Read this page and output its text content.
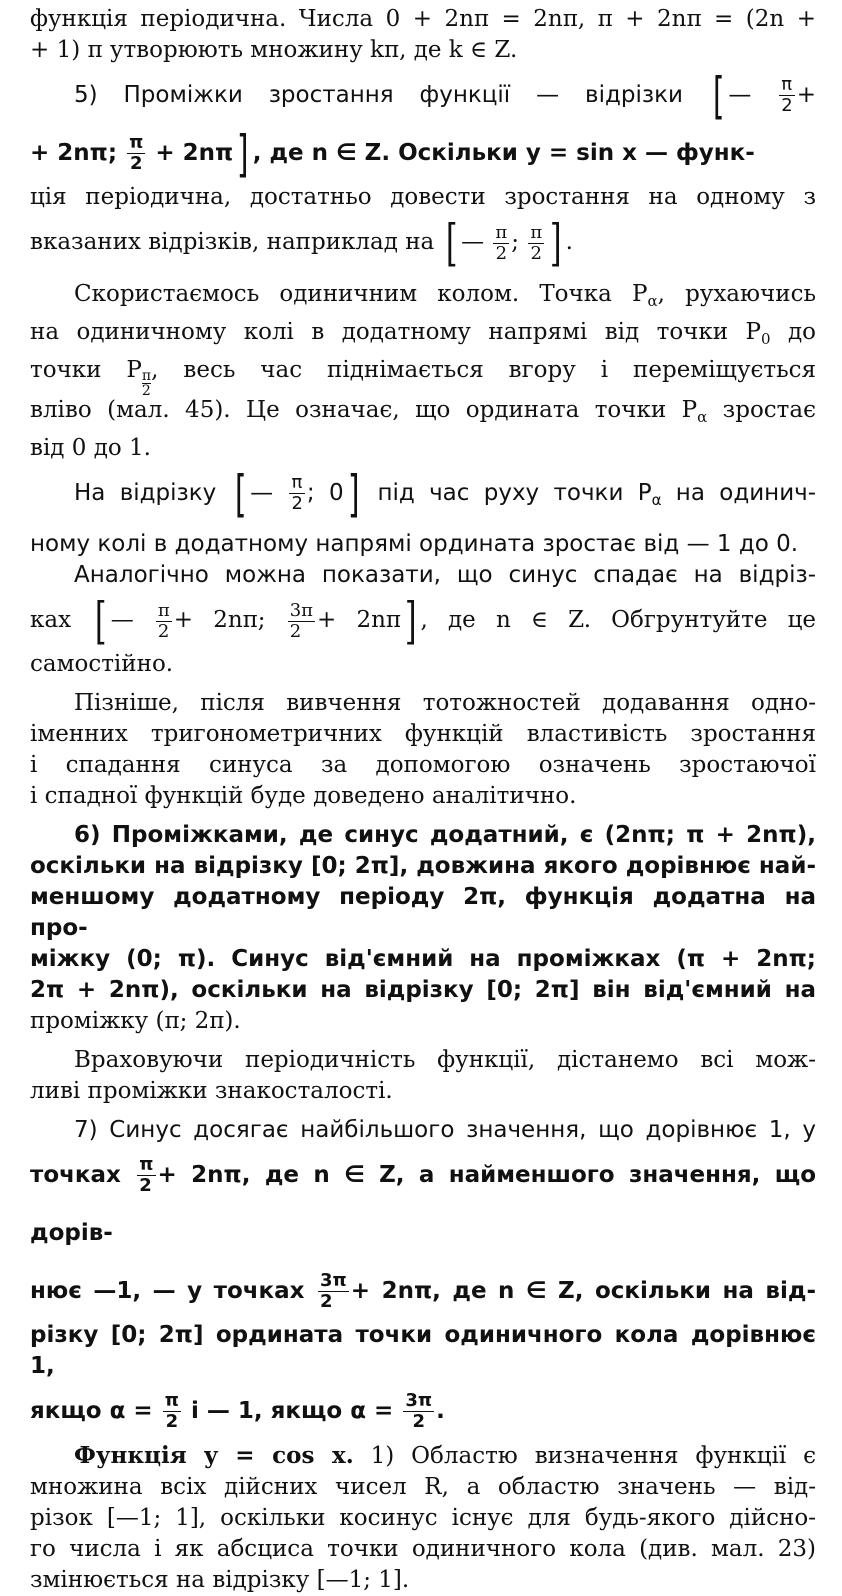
функція періодична. Числа 0 + 2nπ = 2nπ, π + 2nπ = (2n +
+ 1) π утворюють множину kπ, де k ∈ Z.
5) Проміжки зростання функції — відрізки [ — $\frac{\pi}{2}$ +
+ 2nπ; $\frac{\pi}{2} + 2n\pi$] , де n ∈ Z. Оскільки y = sin x — функ-
ція періодична, достатньо довести зростання на одному з
вказаних відрізків, наприклад на [ — $\frac{\pi}{2}$ ; $\frac{\pi}{2}$ ] .
Скористаємось одиничним колом. Точка $P_\alpha$, рухаючись
на одиничному колі в додатному напрямі від точки $P_0$ до
точки P $\frac{\pi}{2}$ , весь час піднімається вгору і переміщується
вліво (мал. 45). Це означає, що ордината точки $P_\alpha$ зростає
від 0 до 1.
На відрізку [ — $\frac{\pi}{2}$ ; 0] під час руху точки $P_\alpha$ на одинич-
ному колі в додатному напрямі ордината зростає від — 1 до 0.
Аналогічно можна показати, що синус спадає на відріз-
ках [ — $\frac{\pi}{2} + 2n\pi$; $\frac{3\pi}{2} + 2n\pi$] , де n ∈ Z. Обгрунтуйте це
самостійно.
Пізніше, після вивчення тотожностей додавання одно-
іменних тригонометричних функцій властивість зростання
і спадання синуса за допомогою означень зростаючої
і спадної функцій буде доведено аналітично.
6) Проміжками, де синус додатний, є (2nπ; π + 2nπ),
оскільки на відрізку [0; 2π], довжина якого дорівнює най-
меншому додатному періоду 2π, функція додатна на про-
міжку (0; π). Синус від'ємний на проміжках (π + 2nπ;
2π + 2nπ), оскільки на відрізку [0; 2π] він від'ємний на
проміжку (π; 2π).
Враховуючи періодичність функції, дістанемо всі мож-
ливі проміжки знакосталості.
7) Синус досягає найбільшого значення, що дорівнює 1, у
точках $\frac{\pi}{2} + 2n\pi$, де n ∈ Z, а найменшого значення, що дорів-
нює —1, — у точках $\frac{3\pi}{2} + 2n\pi$, де n ∈ Z, оскільки на від-
різку [0; 2π] ордината точки одиничного кола дорівнює 1,
якщо $\alpha = \frac{\pi}{2}$ і — 1, якщо $\alpha = \frac{3\pi}{2}$ .
Функція y = cos x. 1) Областю визначення функції є
множина всіх дійсних чисел R, а областю значень — від-
різок [—1; 1], оскільки косинус існує для будь-якого дійсно-
го числа і як абсциса точки одиничного кола (див. мал. 23)
змінюється на відрізку [—1; 1].
